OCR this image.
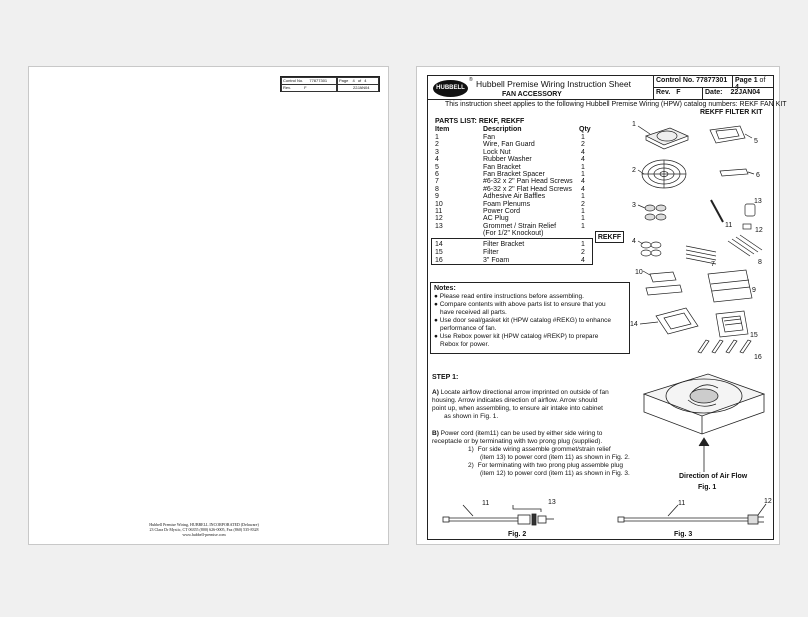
Control No. 77877301	Page 4 of 4
Rev.	F	22JAN04
Hubbell Premise Wiring, HUBBELL INCORPORATED (Delaware)
23 Clara Dr Mystic, CT 06355 (800) 626-0005, Fax (860) 535-8328
www.hubbell-premise.com
HUBBELL
® Hubbell Premise Wiring Instruction Sheet
FAN ACCESSORY
Control No. 77877301	Page 1 of 4
Rev. F	Date: 22JAN04
This instruction sheet applies to the following Hubbell Premise Wiring (HPW) catalog numbers: REKF FAN KIT
REKFF FILTER KIT
PARTS LIST: REKF, REKFF
Item	Description	Qty
1	Fan	1
2	Wire, Fan Guard	2
3	Lock Nut	4
4	Rubber Washer	4
5	Fan Bracket	1
6	Fan Bracket Spacer	1
7	#6-32 x 2" Pan Head Screws 4
8	#6-32 x 2" Flat Head Screws 4
9	Adhesive Air Baffles	1
10	Foam Plenums	2
11	Power Cord	1
12	AC Plug	1
13	Grommet / Strain Relief	1
(For 1/2" Knockout)
REKFF
14	Filter Bracket	1
15	Filter	2
16	3" Foam	4
Notes:
● Please read entire instructions before assembling.
● Compare contents with above parts list to ensure that you
have received all parts.
● Use door seal/gasket kit (HPW catalog #REKG) to enhance
performance of fan.
● Use Rebox power kit (HPW catalog #REKP) to prepare
Rebox for power.
STEP 1:
A) Locate airflow directional arrow imprinted on outside of fan
housing. Arrow indicates direction of airflow. Arrow should
point up, when assembling, to ensure air intake into cabinet
as shown in Fig. 1.
B) Power cord (item11) can be used by either side wiring to
receptacle or by terminating with two prong plug (supplied).
1) For side wiring assemble grommet/strain relief
(item 13) to power cord (item 11) as shown in Fig. 2.
2) For terminating with two prong plug assemble plug
(item 12) to power cord (item 11) as shown in Fig. 3.
1
2
3
4
5
6
7	8
9
10
11
12
13
14
15
16
Direction of Air Flow
Fig. 1
11	13	11	12
Fig. 2	Fig. 3
